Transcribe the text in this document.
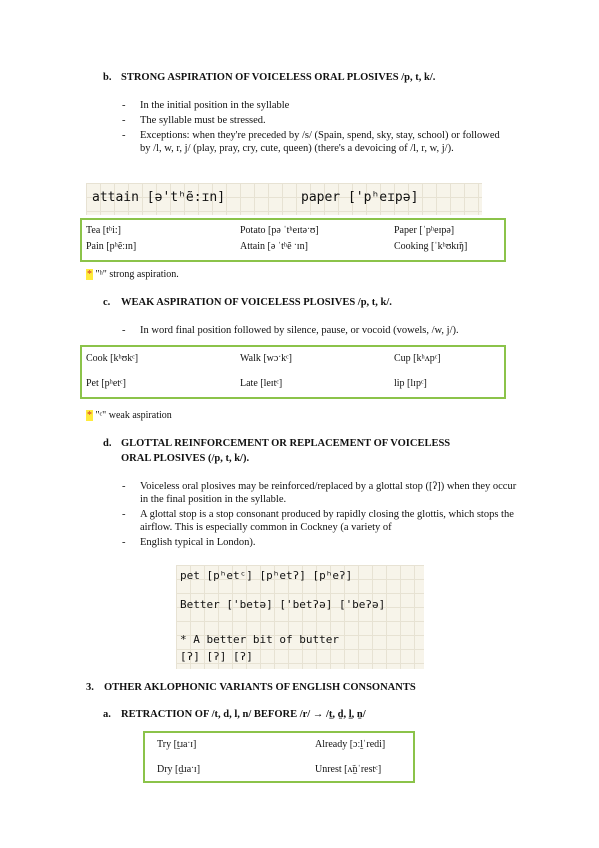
b. STRONG ASPIRATION OF VOICELESS ORAL PLOSIVES /p, t, k/.
- In the initial position in the syllable
- The syllable must be stressed.
- Exceptions: when they're preceded by /s/ (Spain, spend, sky, stay, school) or followed by /l, w, r, j/ (play, pray, cry, cute, queen) (there's a devoicing of /l, r, w, j/).
attain [ə'tʰẽ:ɪn]	paper ['pʰeɪpə]
Tea [tʰi:]	Potato [pə ˈtʰeɪtəˑʊ]	Paper [ˈpʰeɪpə]
Pain [pʰẽːɪn]	Attain [ə ˈtʰẽ ˑɪn]	Cooking [ˈkʰʊkɪ̃ŋ]
* "ʰ" strong aspiration.
c. WEAK ASPIRATION OF VOICELESS PLOSIVES /p, t, k/.
- In word final position followed by silence, pause, or vocoid (vowels, /w, j/).
Cook [kʰʊkᶜ]	Walk [wɔˑkᶜ]	Cup [kʰʌpᶜ]
Pet [pʰetᶜ]	Late [leɪtᶜ]	lip [lɪpᶜ]
* "ᶜ" weak aspiration
d. GLOTTAL REINFORCEMENT OR REPLACEMENT OF VOICELESS
ORAL PLOSIVES (/p, t, k/).
- Voiceless oral plosives may be reinforced/replaced by a glottal stop ([ʔ]) when they occur in the final position in the syllable.
- A glottal stop is a stop consonant produced by rapidly closing the glottis, which stops the airflow. This is especially common in Cockney (a variety of
- English typical in London).
pet [pʰetᶜ] [pʰetʔ] [pʰeʔ]
Better ['betə] ['betʔə] ['beʔə]
* A better bit of butter
[ʔ] [ʔ] [ʔ]
3. OTHER AKLOPHONIC VARIANTS OF ENGLISH CONSONANTS
a. RETRACTION OF /t, d, l, n/ BEFORE /r/ → /t̠, d̠, l̠, n̠/
Try [t̠ɹaˑɪ]	Already [ɔːl̠ˈredi]
Dry [d̠ɹaˑɪ]	Unrest [ʌ̃n̠ˈrestᶜ]
